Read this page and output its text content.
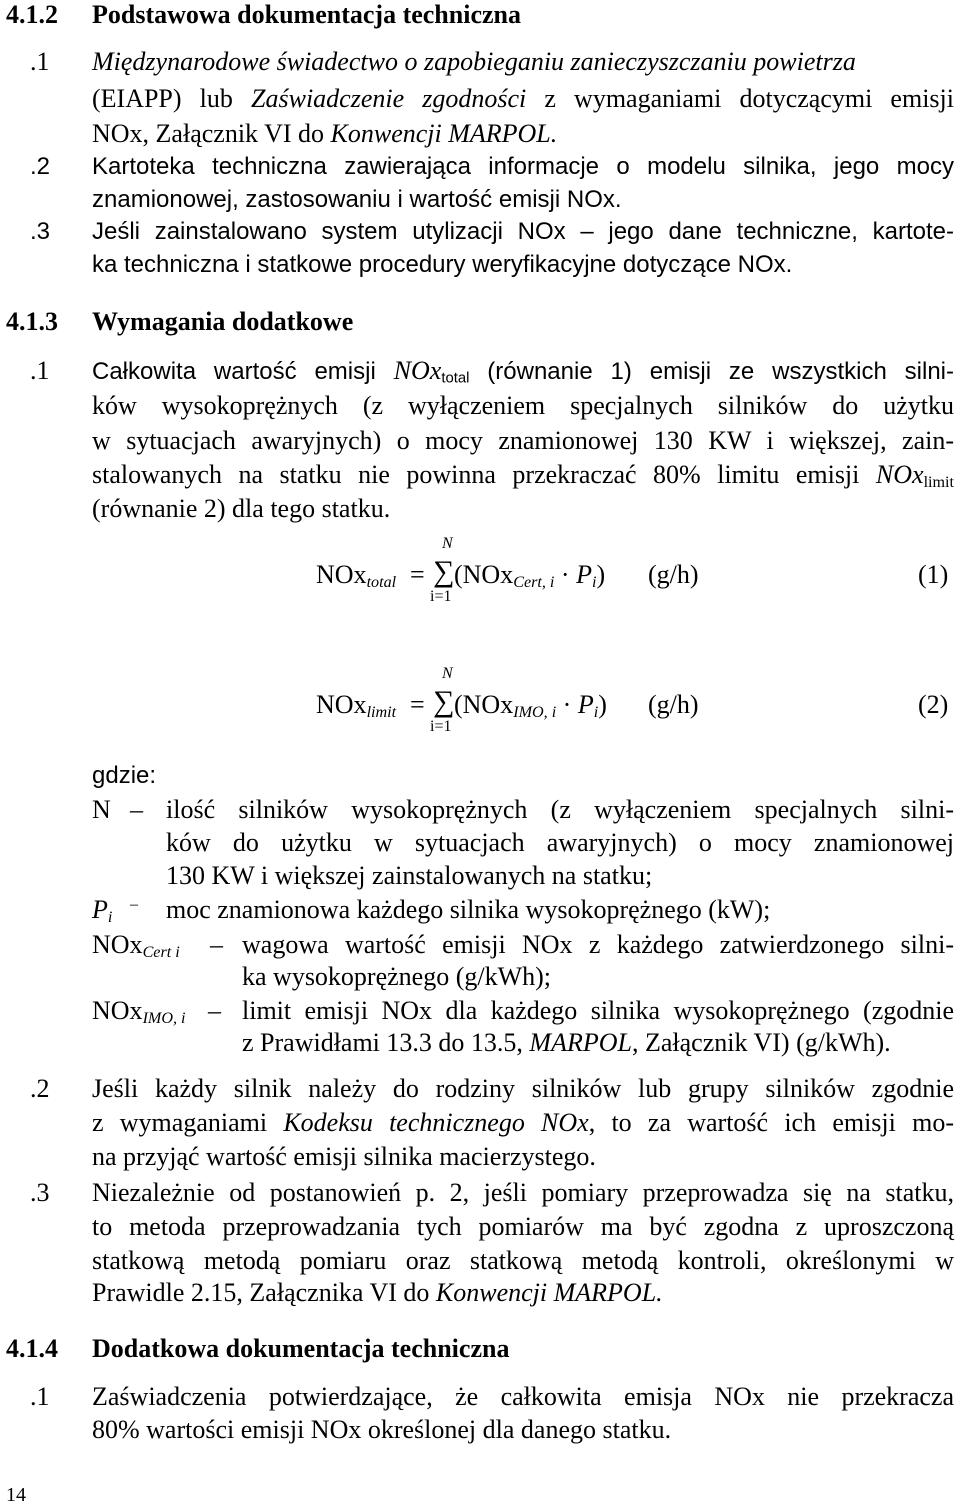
4.1.2 Podstawowa dokumentacja techniczna
.1 Międzynarodowe świadectwo o zapobieganiu zanieczyszczaniu powietrza
(EIAPP) lub Zaświadczenie zgodności z wymaganiami dotyczącymi emisji
NOx, Załącznik VI do Konwencji MARPOL.
.2 Kartoteka techniczna zawierająca informacje o modelu silnika, jego mocy
znamionowej, zastosowaniu i wartość emisji NOx.
.3 Jeśli zainstalowano system utylizacji NOx – jego dane techniczne, kartote-
ka techniczna i statkowe procedury weryfikacyjne dotyczące NOx.
4.1.3 Wymagania dodatkowe
.1 Całkowita wartość emisji NOx$_{total}$ (równanie 1) emisji ze wszystkich silni-
ków wysokoprężnych (z wyłączeniem specjalnych silników do użytku
w sytuacjach awaryjnych) o mocy znamionowej 130 KW i większej, zain-
stalowanych na statku nie powinna przekraczać 80% limitu emisji NOx$_{limit}$
(równanie 2) dla tego statku.
NOx$_{total}$ =
N
∑
i=1
$(NOx_{Cert, i} \cdot P_i)$ (g/h)	(1)
NOx$_{limit}$ =
N
∑
i=1
$(NOx_{IMO, i} \cdot P_i)$ (g/h)	(2)
gdzie:
N – ilość silników wysokoprężnych (z wyłączeniem specjalnych silni-
ków do użytku w sytuacjach awaryjnych) o mocy znamionowej
130 KW i większej zainstalowanych na statku;
$P_i$
– moc znamionowa każdego silnika wysokoprężnego (kW);
NOx$_{Cert i}$ – wagowa wartość emisji NOx z każdego zatwierdzonego silni-
ka wysokoprężnego (g/kWh);
NOx$_{IMO, i}$ – limit emisji NOx dla każdego silnika wysokoprężnego (zgodnie
z Prawidłami 13.3 do 13.5, MARPOL, Załącznik VI) (g/kWh).
.2 Jeśli każdy silnik należy do rodziny silników lub grupy silników zgodnie
z wymaganiami Kodeksu technicznego NOx, to za wartość ich emisji mo-
na przyjąć wartość emisji silnika macierzystego.
.3 Niezależnie od postanowień p. 2, jeśli pomiary przeprowadza się na statku,
to metoda przeprowadzania tych pomiarów ma być zgodna z uproszczoną
statkową metodą pomiaru oraz statkową metodą kontroli, określonymi w
Prawidle 2.15, Załącznika VI do Konwencji MARPOL.
4.1.4 Dodatkowa dokumentacja techniczna
.1 Zaświadczenia potwierdzające, że całkowita emisja NOx nie przekracza
80% wartości emisji NOx określonej dla danego statku.
14
